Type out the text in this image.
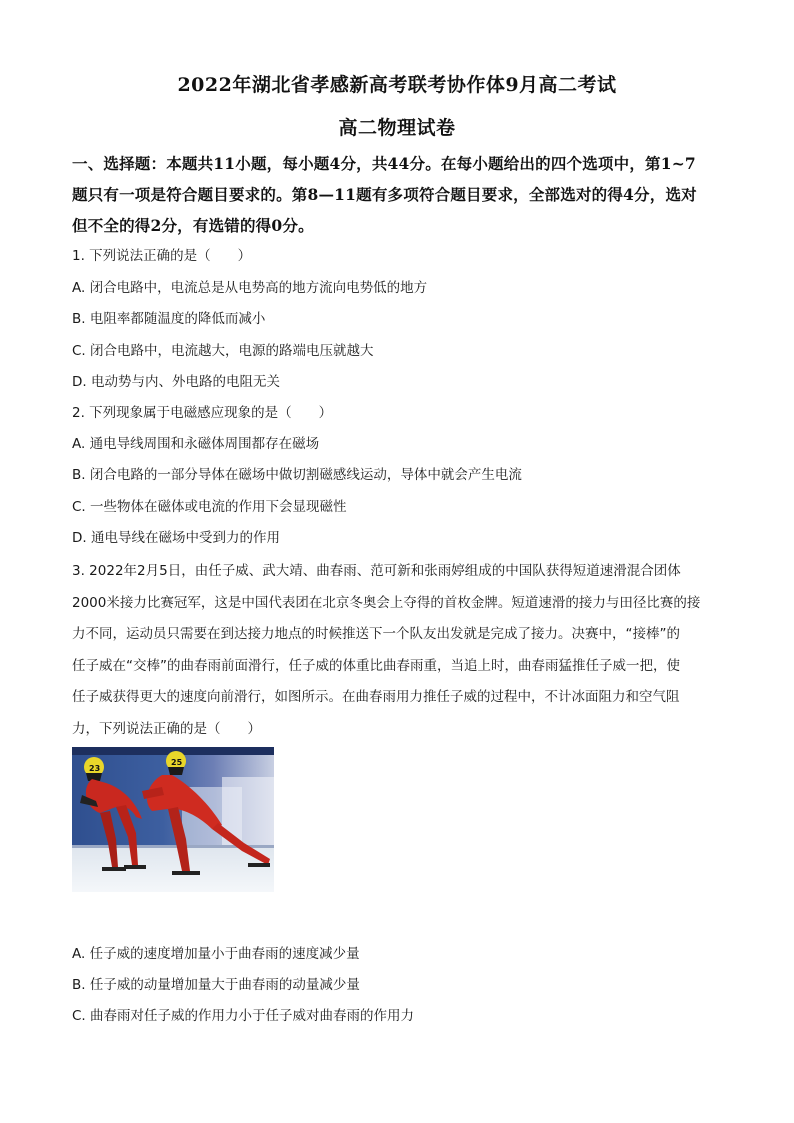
2022年湖北省孝感新高考联考协作体9月高二考试
高二物理试卷

一、选择题：本题共11小题，每小题4分，共44分。在每小题给出的四个选项中，第1~7

题只有一项是符合题目要求的。第8—11题有多项符合题目要求，全部选对的得4分，选对

但不全的得2分，有选错的得0分。

1. 下列说法正确的是（　　）
A. 闭合电路中，电流总是从电势高的地方流向电势低的地方
B. 电阻率都随温度的降低而减小
C. 闭合电路中，电流越大，电源的路端电压就越大
D. 电动势与内、外电路的电阻无关
2. 下列现象属于电磁感应现象的是（　　）
A. 通电导线周围和永磁体周围都存在磁场
B. 闭合电路的一部分导体在磁场中做切割磁感线运动，导体中就会产生电流
C. 一些物体在磁体或电流的作用下会显现磁性
D. 通电导线在磁场中受到力的作用

3. 2022年2月5日，由任子威、武大靖、曲春雨、范可新和张雨婷组成的中国队获得短道速滑混合团体

2000米接力比赛冠军，这是中国代表团在北京冬奥会上夺得的首枚金牌。短道速滑的接力与田径比赛的接

力不同，运动员只需要在到达接力地点的时候推送下一个队友出发就是完成了接力。决赛中，“接棒”的

任子威在“交棒”的曲春雨前面滑行，任子威的体重比曲春雨重，当追上时，曲春雨猛推任子威一把，使

任子威获得更大的速度向前滑行，如图所示。在曲春雨用力推任子威的过程中，不计冰面阻力和空气阻

力，下列说法正确的是（　　）

23
25
A. 任子威的速度增加量小于曲春雨的速度减少量
B. 任子威的动量增加量大于曲春雨的动量减少量
C. 曲春雨对任子威的作用力小于任子威对曲春雨的作用力
